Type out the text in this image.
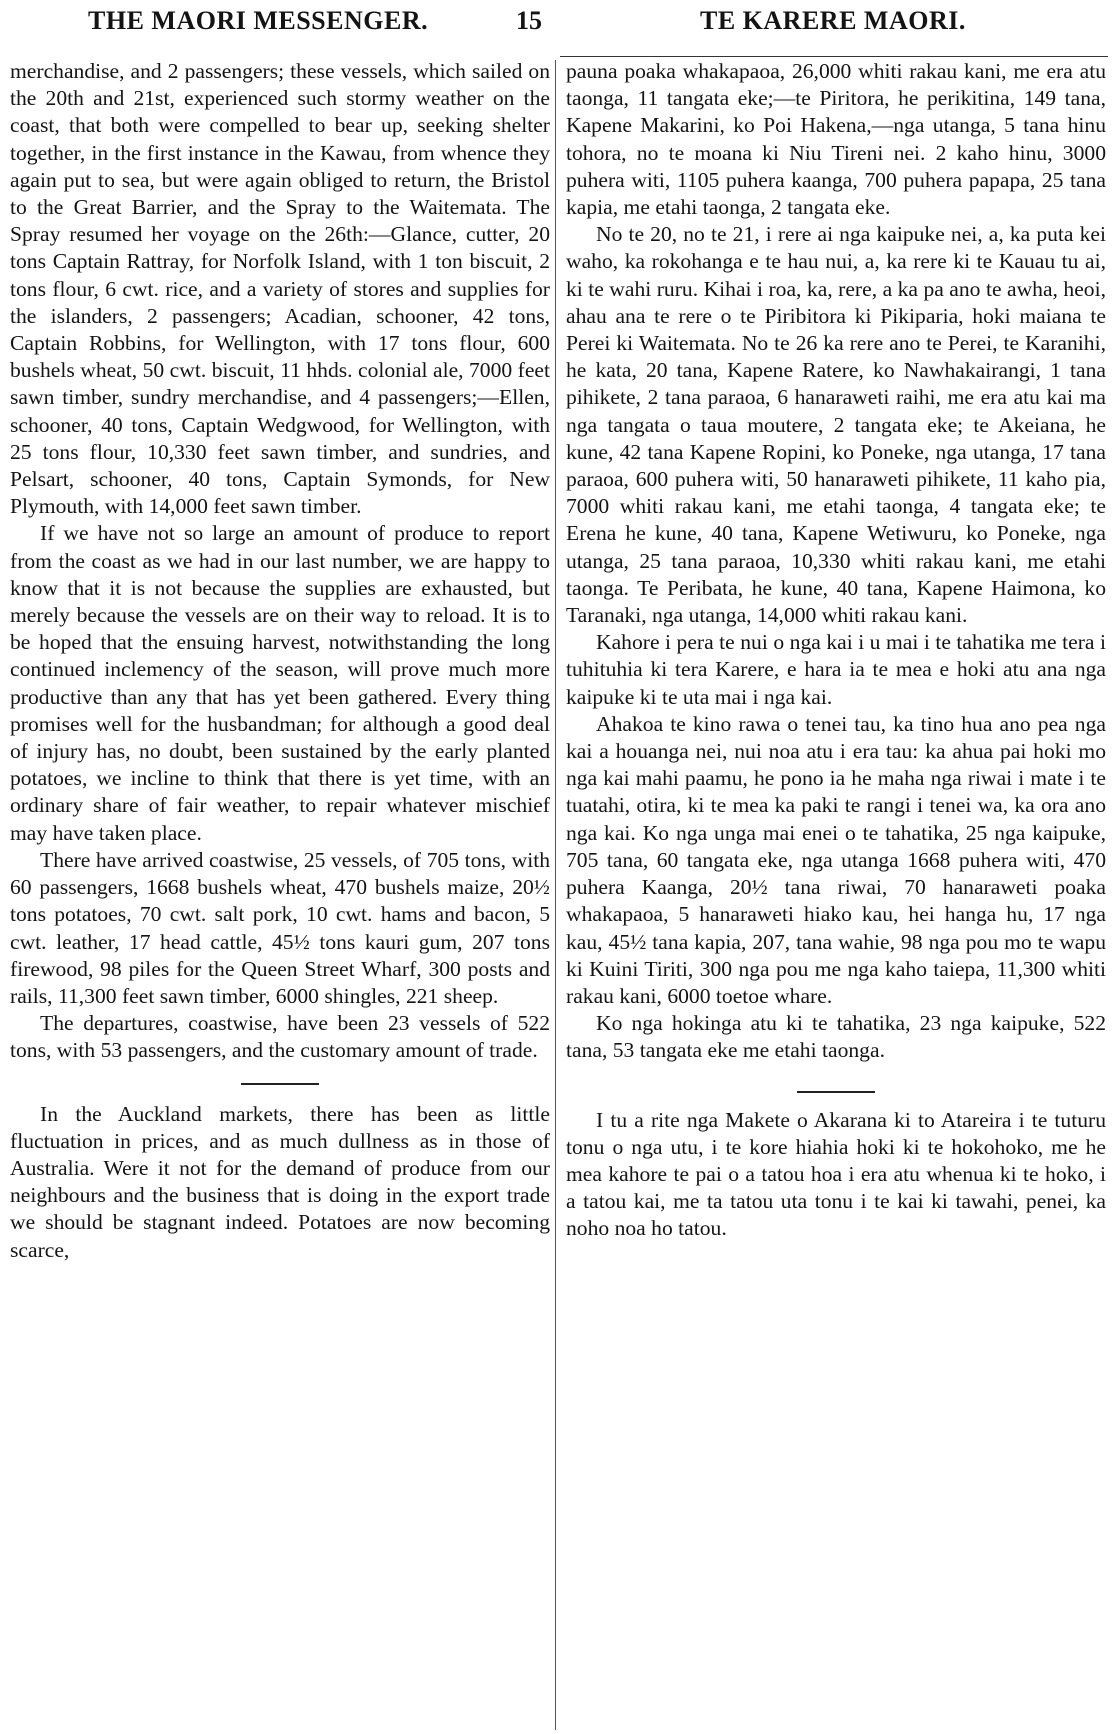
THE MAORI MESSENGER.	15	TE KARERE MAORI.

merchandise, and 2 passengers; these vessels, which sailed on the 20th and 21st, experienced such stormy weather on the coast, that both were compelled to bear up, seeking shelter together, in the first instance in the Kawau, from whence they again put to sea, but were again obliged to return, the Bristol to the Great Barrier, and the Spray to the Waitemata. The Spray resumed her voyage on the 26th:—Glance, cutter, 20 tons Captain Rattray, for Norfolk Island, with 1 ton biscuit, 2 tons flour, 6 cwt. rice, and a variety of stores and supplies for the islanders, 2 passengers; Acadian, schooner, 42 tons, Captain Robbins, for Wellington, with 17 tons flour, 600 bushels wheat, 50 cwt. biscuit, 11 hhds. colonial ale, 7000 feet sawn timber, sundry merchandise, and 4 passengers;—Ellen, schooner, 40 tons, Captain Wedgwood, for Wellington, with 25 tons flour, 10,330 feet sawn timber, and sundries, and Pelsart, schooner, 40 tons, Captain Symonds, for New Plymouth, with 14,000 feet sawn timber.

If we have not so large an amount of produce to report from the coast as we had in our last number, we are happy to know that it is not because the supplies are exhausted, but merely because the vessels are on their way to reload. It is to be hoped that the ensuing harvest, notwithstanding the long continued inclemency of the season, will prove much more productive than any that has yet been gathered. Every thing promises well for the husbandman; for although a good deal of injury has, no doubt, been sustained by the early planted potatoes, we incline to think that there is yet time, with an ordinary share of fair weather, to repair whatever mischief may have taken place.

There have arrived coastwise, 25 vessels, of 705 tons, with 60 passengers, 1668 bushels wheat, 470 bushels maize, 20½ tons potatoes, 70 cwt. salt pork, 10 cwt. hams and bacon, 5 cwt. leather, 17 head cattle, 45½ tons kauri gum, 207 tons firewood, 98 piles for the Queen Street Wharf, 300 posts and rails, 11,300 feet sawn timber, 6000 shingles, 221 sheep.

The departures, coastwise, have been 23 vessels of 522 tons, with 53 passengers, and the customary amount of trade.

In the Auckland markets, there has been as little fluctuation in prices, and as much dullness as in those of Australia. Were it not for the demand of produce from our neighbours and the business that is doing in the export trade we should be stagnant indeed. Potatoes are now becoming scarce,

pauna poaka whakapaoa, 26,000 whiti rakau kani, me era atu taonga, 11 tangata eke;—te Piritora, he perikitina, 149 tana, Kapene Makarini, ko Poi Hakena,—nga utanga, 5 tana hinu tohora, no te moana ki Niu Tireni nei. 2 kaho hinu, 3000 puhera witi, 1105 puhera kaanga, 700 puhera papapa, 25 tana kapia, me etahi taonga, 2 tangata eke.

No te 20, no te 21, i rere ai nga kaipuke nei, a, ka puta kei waho, ka rokohanga e te hau nui, a, ka rere ki te Kauau tu ai, ki te wahi ruru. Kihai i roa, ka, rere, a ka pa ano te awha, heoi, ahau ana te rere o te Piribitora ki Pikiparia, hoki maiana te Perei ki Waitemata. No te 26 ka rere ano te Perei, te Karanihi, he kata, 20 tana, Kapene Ratere, ko Nawhakairangi, 1 tana pihikete, 2 tana paraoa, 6 hanaraweti raihi, me era atu kai ma nga tangata o taua moutere, 2 tangata eke; te Akeiana, he kune, 42 tana Kapene Ropini, ko Poneke, nga utanga, 17 tana paraoa, 600 puhera witi, 50 hanaraweti pihikete, 11 kaho pia, 7000 whiti rakau kani, me etahi taonga, 4 tangata eke; te Erena he kune, 40 tana, Kapene Wetiwuru, ko Poneke, nga utanga, 25 tana paraoa, 10,330 whiti rakau kani, me etahi taonga. Te Peribata, he kune, 40 tana, Kapene Haimona, ko Taranaki, nga utanga, 14,000 whiti rakau kani.

Kahore i pera te nui o nga kai i u mai i te tahatika me tera i tuhituhia ki tera Karere, e hara ia te mea e hoki atu ana nga kaipuke ki te uta mai i nga kai.

Ahakoa te kino rawa o tenei tau, ka tino hua ano pea nga kai a houanga nei, nui noa atu i era tau: ka ahua pai hoki mo nga kai mahi paamu, he pono ia he maha nga riwai i mate i te tuatahi, otira, ki te mea ka paki te rangi i tenei wa, ka ora ano nga kai. Ko nga unga mai enei o te tahatika, 25 nga kaipuke, 705 tana, 60 tangata eke, nga utanga 1668 puhera witi, 470 puhera Kaanga, 20½ tana riwai, 70 hanaraweti poaka whakapaoa, 5 hanaraweti hiako kau, hei hanga hu, 17 nga kau, 45½ tana kapia, 207, tana wahie, 98 nga pou mo te wapu ki Kuini Tiriti, 300 nga pou me nga kaho taiepa, 11,300 whiti rakau kani, 6000 toetoe whare.

Ko nga hokinga atu ki te tahatika, 23 nga kaipuke, 522 tana, 53 tangata eke me etahi taonga.

I tu a rite nga Makete o Akarana ki to Atareira i te tuturu tonu o nga utu, i te kore hiahia hoki ki te hokohoko, me he mea kahore te pai o a tatou hoa i era atu whenua ki te hoko, i a tatou kai, me ta tatou uta tonu i te kai ki tawahi, penei, ka noho noa ho tatou.
